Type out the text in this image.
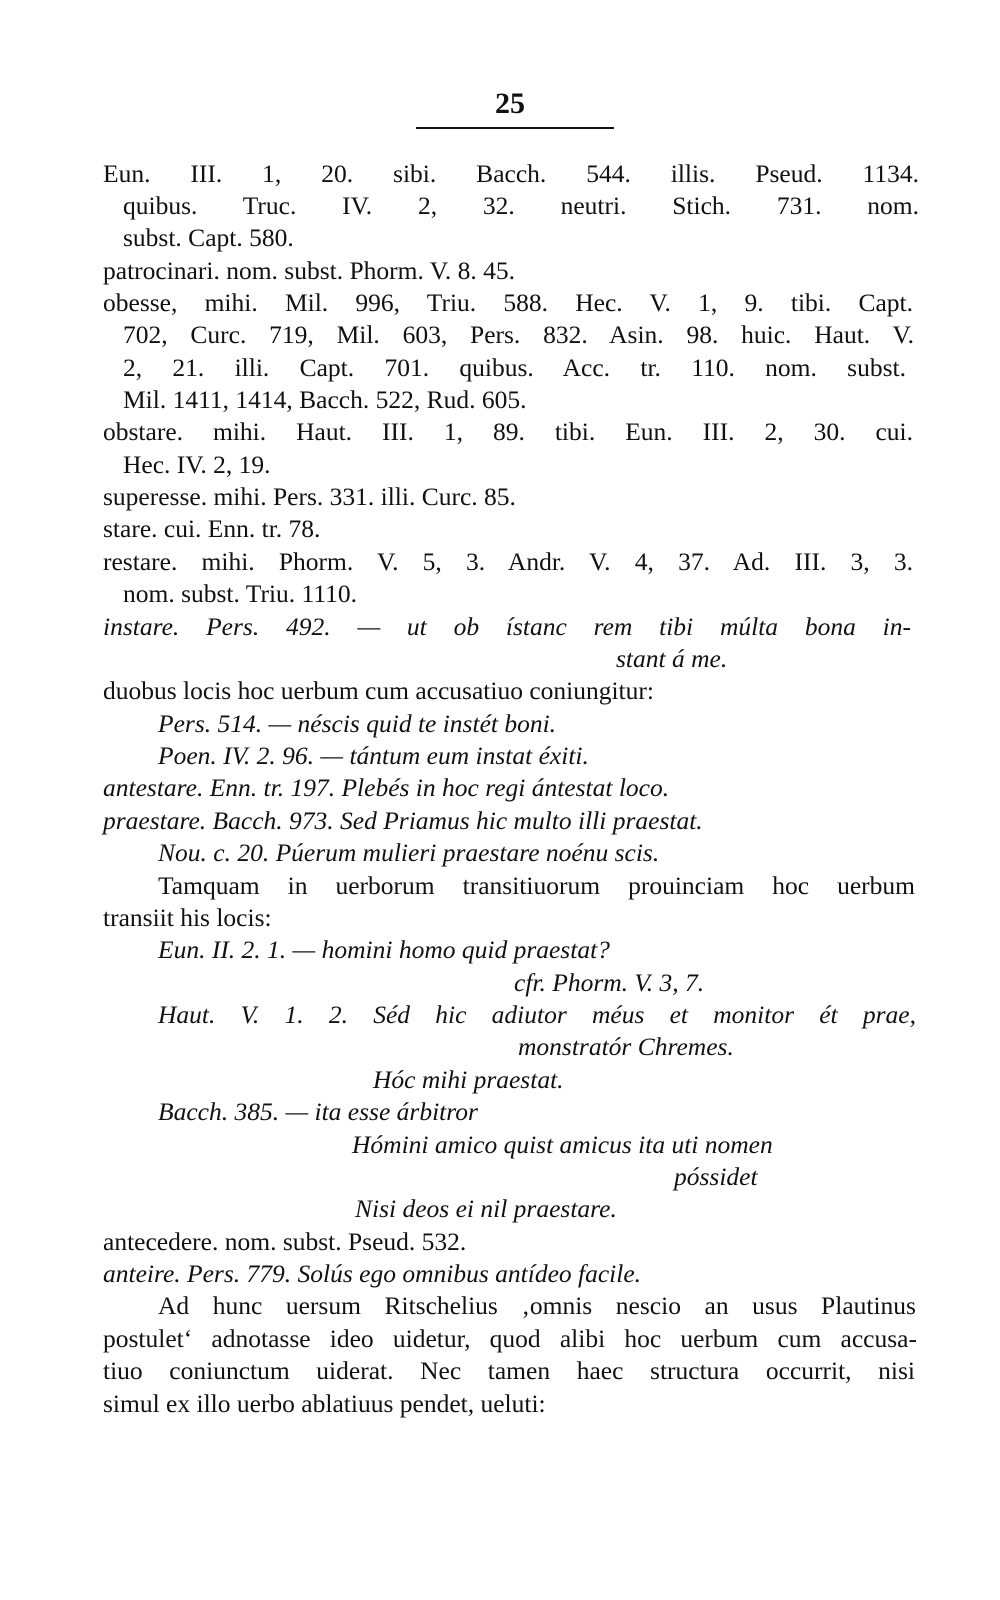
25
Eun. III. 1, 20. sibi. Bacch. 544. illis. Pseud. 1134.
quibus. Truc. IV. 2, 32. neutri. Stich. 731. nom.
subst. Capt. 580.
patrocinari. nom. subst. Phorm. V. 8. 45.
obesse, mihi. Mil. 996, Triu. 588. Hec. V. 1, 9. tibi. Capt.
702, Curc. 719, Mil. 603, Pers. 832. Asin. 98. huic. Haut. V.
2, 21. illi. Capt. 701. quibus. Acc. tr. 110. nom. subst.
Mil. 1411, 1414, Bacch. 522, Rud. 605.
obstare. mihi. Haut. III. 1, 89. tibi. Eun. III. 2, 30. cui.
Hec. IV. 2, 19.
superesse. mihi. Pers. 331. illi. Curc. 85.
stare. cui. Enn. tr. 78.
restare. mihi. Phorm. V. 5, 3. Andr. V. 4, 37. Ad. III. 3, 3.
nom. subst. Triu. 1110.
instare. Pers. 492. — ut ob ístanc rem tibi múlta bona in-
stant á me.
duobus locis hoc uerbum cum accusatiuo coniungitur:
Pers. 514. — néscis quid te instét boni.
Poen. IV. 2. 96. — tántum eum instat éxiti.
antestare. Enn. tr. 197. Plebés in hoc regi ántestat loco.
praestare. Bacch. 973. Sed Priamus hic multo illi praestat.
Nou. c. 20. Púerum mulieri praestare noénu scis.
Tamquam in uerborum transitiuorum prouinciam hoc uerbum
transiit his locis:
Eun. II. 2. 1. — homini homo quid praestat?
cfr. Phorm. V. 3, 7.
Haut. V. 1. 2. Séd hic adiutor méus et monitor ét prae,
monstratór Chremes.
Hóc mihi praestat.
Bacch. 385. — ita esse árbitror
Hómini amico quist amicus ita uti nomen
póssidet
Nisi deos ei nil praestare.
antecedere. nom. subst. Pseud. 532.
anteire. Pers. 779. Solús ego omnibus antídeo facile.
Ad hunc uersum Ritschelius ‚omnis nescio an usus Plautinus
postulet‘ adnotasse ideo uidetur, quod alibi hoc uerbum cum accusa-
tiuo coniunctum uiderat. Nec tamen haec structura occurrit, nisi
simul ex illo uerbo ablatiuus pendet, ueluti:
